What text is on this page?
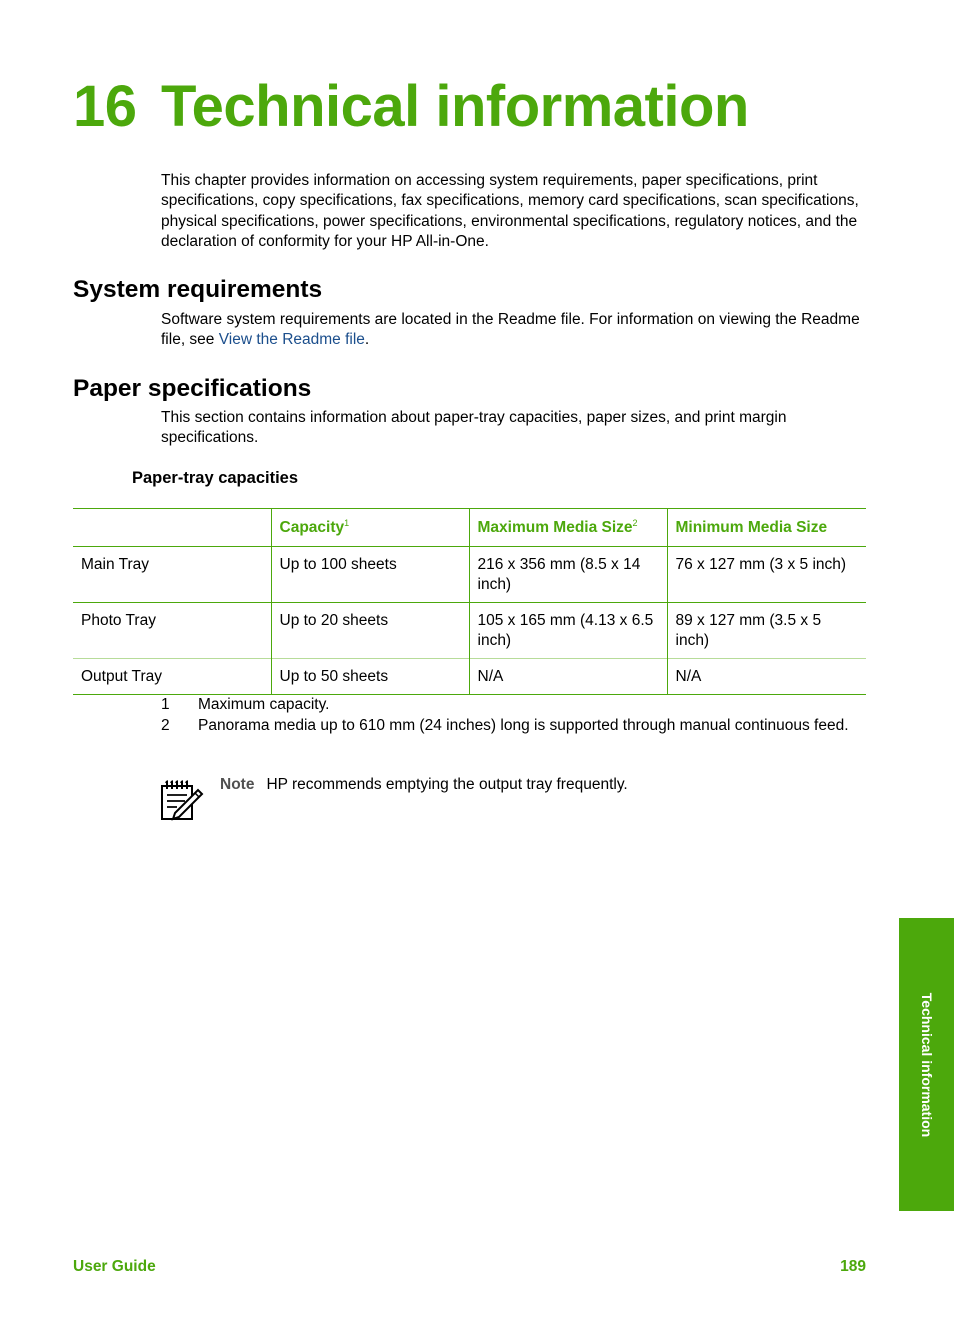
16 Technical information

This chapter provides information on accessing system requirements, paper specifications, print specifications, copy specifications, fax specifications, memory card specifications, scan specifications, physical specifications, power specifications, environmental specifications, regulatory notices, and the declaration of conformity for your HP All-in-One.

System requirements

Software system requirements are located in the Readme file. For information on viewing the Readme file, see View the Readme file.

Paper specifications

This section contains information about paper-tray capacities, paper sizes, and print margin specifications.

Paper-tray capacities
	Capacity$^1$	Maximum Media Size$^2$	Minimum Media Size
Main Tray	Up to 100 sheets	216 x 356 mm (8.5 x 14 inch)	76 x 127 mm (3 x 5 inch)
Photo Tray	Up to 20 sheets	105 x 165 mm (4.13 x 6.5 inch)	89 x 127 mm (3.5 x 5 inch)
Output Tray	Up to 50 sheets	N/A	N/A

1 Maximum capacity.

2 Panorama media up to 610 mm (24 inches) long is supported through manual continuous feed.

Note HP recommends emptying the output tray frequently.

Technical information

User Guide	189
